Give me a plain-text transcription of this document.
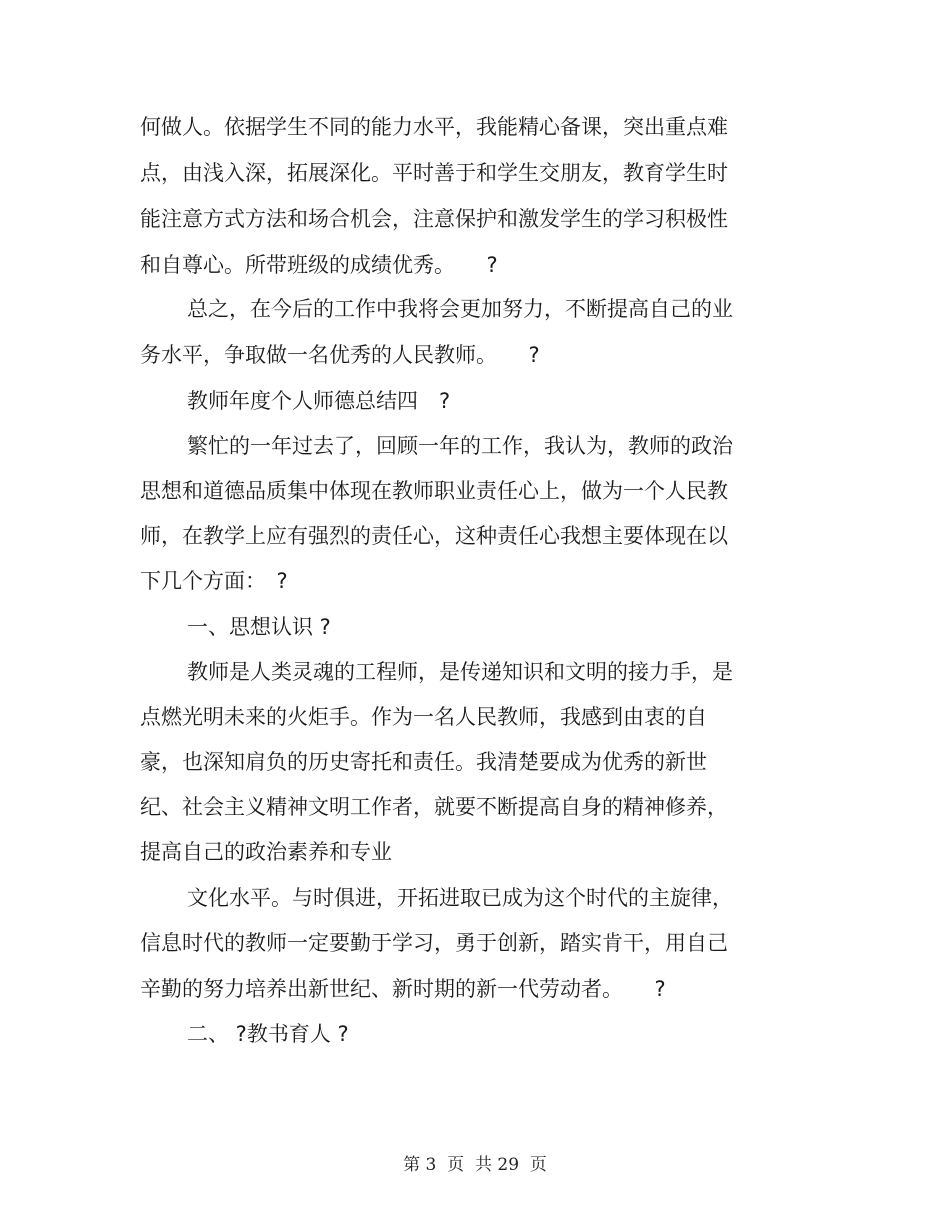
何做人。依据学生不同的能力水平，我能精心备课，突出重点难
点，由浅入深，拓展深化。平时善于和学生交朋友，教育学生时
能注意方式方法和场合机会，注意保护和激发学生的学习积极性
和自尊心。所带班级的成绩优秀。　　?
总之，在今后的工作中我将会更加努力，不断提高自己的业
务水平，争取做一名优秀的人民教师。　　?
教师年度个人师德总结四　?
繁忙的一年过去了，回顾一年的工作，我认为，教师的政治
思想和道德品质集中体现在教师职业责任心上，做为一个人民教
师，在教学上应有强烈的责任心，这种责任心我想主要体现在以
下几个方面：　?
一、思想认识 ?
教师是人类灵魂的工程师，是传递知识和文明的接力手，是
点燃光明未来的火炬手。作为一名人民教师，我感到由衷的自
豪，也深知肩负的历史寄托和责任。我清楚要成为优秀的新世
纪、社会主义精神文明工作者，就要不断提高自身的精神修养，
提高自己的政治素养和专业
文化水平。与时俱进，开拓进取已成为这个时代的主旋律，
信息时代的教师一定要勤于学习，勇于创新，踏实肯干，用自己
辛勤的努力培养出新世纪、新时期的新一代劳动者。　　?
二、 ?教书育人 ?
第 3  页  共 29  页
